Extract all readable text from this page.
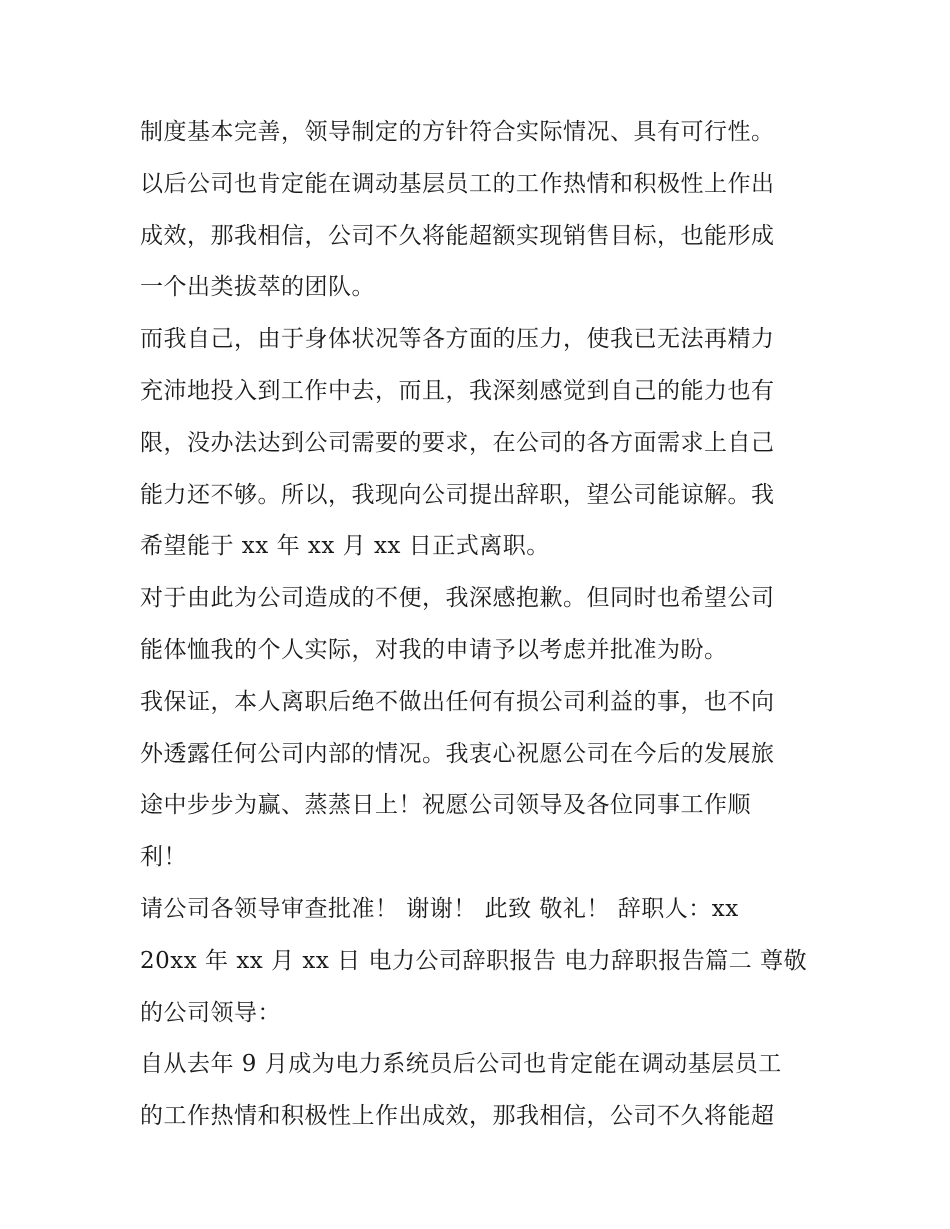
制度基本完善，领导制定的方针符合实际情况、具有可行性。
以后公司也肯定能在调动基层员工的工作热情和积极性上作出
成效，那我相信，公司不久将能超额实现销售目标，也能形成
一个出类拔萃的团队。
而我自己，由于身体状况等各方面的压力，使我已无法再精力
充沛地投入到工作中去，而且，我深刻感觉到自己的能力也有
限，没办法达到公司需要的要求，在公司的各方面需求上自己
能力还不够。所以，我现向公司提出辞职，望公司能谅解。我
希望能于 xx 年 xx 月 xx 日正式离职。
对于由此为公司造成的不便，我深感抱歉。但同时也希望公司
能体恤我的个人实际，对我的申请予以考虑并批准为盼。
我保证，本人离职后绝不做出任何有损公司利益的事，也不向
外透露任何公司内部的情况。我衷心祝愿公司在今后的发展旅
途中步步为赢、蒸蒸日上！祝愿公司领导及各位同事工作顺
利！
请公司各领导审查批准！ 谢谢！ 此致 敬礼！ 辞职人：xx
20xx 年 xx 月 xx 日 电力公司辞职报告 电力辞职报告篇二 尊敬
的公司领导：
自从去年 9 月成为电力系统员后公司也肯定能在调动基层员工
的工作热情和积极性上作出成效，那我相信，公司不久将能超
